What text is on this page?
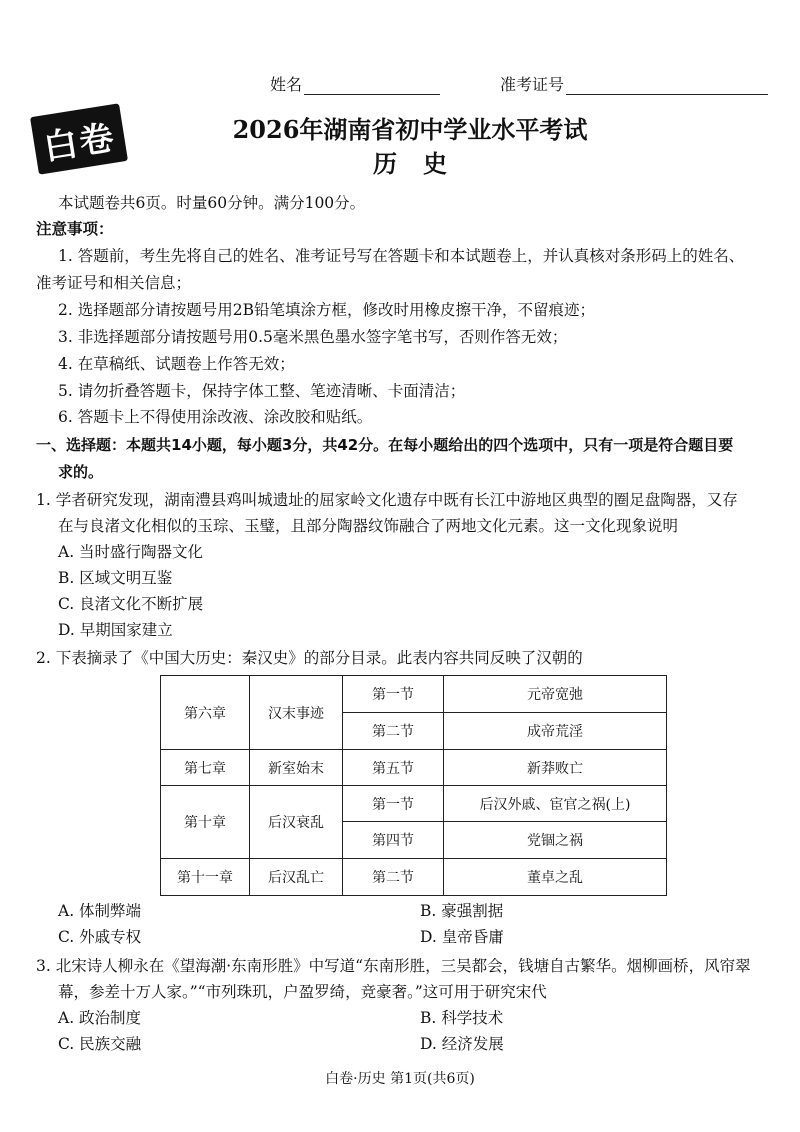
姓名	准考证号
白卷	2026年湖南省初中学业水平考试
历史
本试题卷共6页。时量60分钟。满分100分。
注意事项：
1. 答题前，考生先将自己的姓名、准考证号写在答题卡和本试题卷上，并认真核对条形码上的姓名、
准考证号和相关信息；
2. 选择题部分请按题号用2B铅笔填涂方框，修改时用橡皮擦干净，不留痕迹；
3. 非选择题部分请按题号用0.5毫米黑色墨水签字笔书写，否则作答无效；
4. 在草稿纸、试题卷上作答无效；
5. 请勿折叠答题卡，保持字体工整、笔迹清晰、卡面清洁；
6. 答题卡上不得使用涂改液、涂改胶和贴纸。
一、选择题：本题共14小题，每小题3分，共42分。在每小题给出的四个选项中，只有一项是符合题目要
求的。
1. 学者研究发现，湖南澧县鸡叫城遗址的屈家岭文化遗存中既有长江中游地区典型的圈足盘陶器，又存
在与良渚文化相似的玉琮、玉璧，且部分陶器纹饰融合了两地文化元素。这一文化现象说明
A. 当时盛行陶器文化
B. 区域文明互鉴
C. 良渚文化不断扩展
D. 早期国家建立
2. 下表摘录了《中国大历史：秦汉史》的部分目录。此表内容共同反映了汉朝的
第六章	汉末事迹	第一节	元帝宽弛
		第二节	成帝荒淫
第七章	新室始末	第五节	新莽败亡
第十章	后汉衰乱	第一节	后汉外戚、宦官之祸(上)
		第四节	党锢之祸
第十一章	后汉乱亡	第二节	董卓之乱
A. 体制弊端	B. 豪强割据
C. 外戚专权	D. 皇帝昏庸
3. 北宋诗人柳永在《望海潮·东南形胜》中写道“东南形胜，三吴都会，钱塘自古繁华。烟柳画桥，风帘翠
幕，参差十万人家。”“市列珠玑，户盈罗绮，竞豪奢。”这可用于研究宋代
A. 政治制度	B. 科学技术
C. 民族交融	D. 经济发展
白卷·历史 第1页(共6页)
